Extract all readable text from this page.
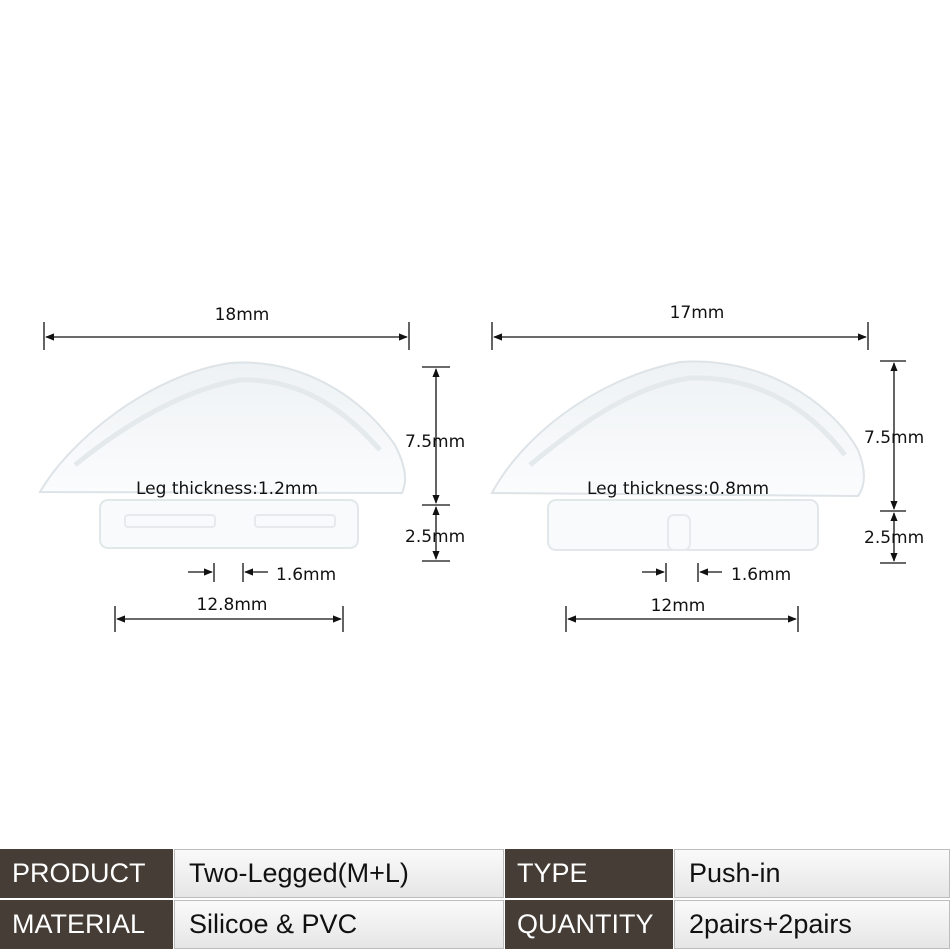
18mm
7.5mm
2.5mm
Leg thickness:1.2mm
1.6mm
12.8mm
17mm
7.5mm
2.5mm
Leg thickness:0.8mm
1.6mm
12mm
PRODUCT	Two-Legged(M+L)	TYPE	Push-in
MATERIAL	Silicoe & PVC	QUANTITY	2pairs+2pairs
